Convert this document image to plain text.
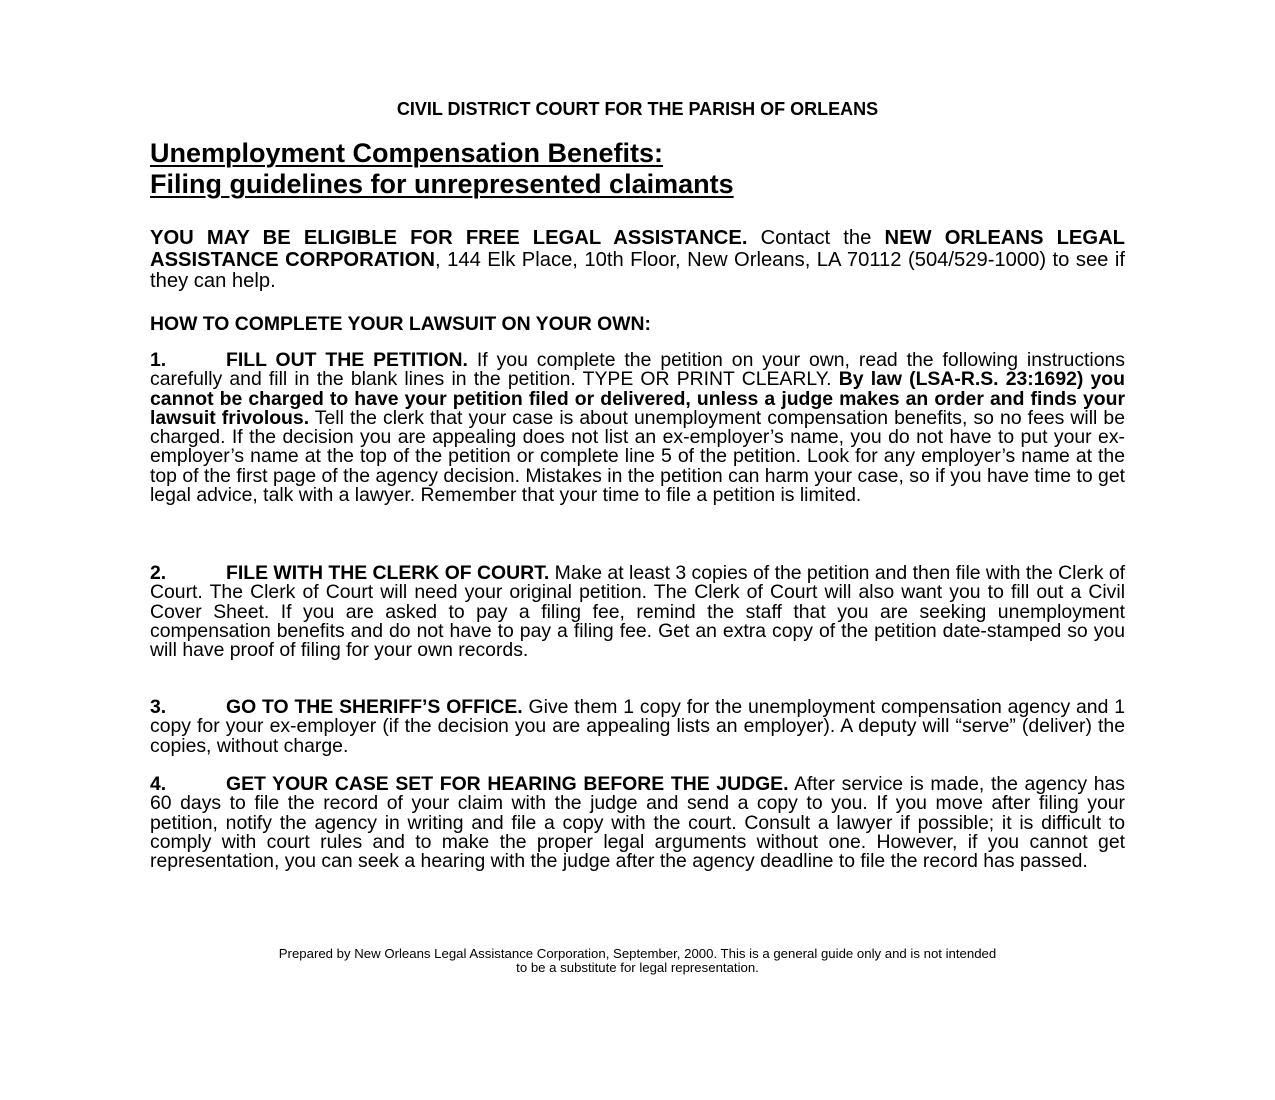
CIVIL DISTRICT COURT FOR THE PARISH OF ORLEANS
Unemployment Compensation Benefits:
Filing guidelines for unrepresented claimants

YOU MAY BE ELIGIBLE FOR FREE LEGAL ASSISTANCE. Contact the NEW ORLEANS LEGAL ASSISTANCE CORPORATION, 144 Elk Place, 10th Floor, New Orleans, LA 70112 (504/529-1000) to see if they can help.

HOW TO COMPLETE YOUR LAWSUIT ON YOUR OWN:

1.	FILL OUT THE PETITION. If you complete the petition on your own, read the following instructions carefully and fill in the blank lines in the petition. TYPE OR PRINT CLEARLY. By law (LSA-R.S. 23:1692) you cannot be charged to have your petition filed or delivered, unless a judge makes an order and finds your lawsuit frivolous. Tell the clerk that your case is about unemployment compensation benefits, so no fees will be charged. If the decision you are appealing does not list an ex-employer’s name, you do not have to put your ex-employer’s name at the top of the petition or complete line 5 of the petition. Look for any employer’s name at the top of the first page of the agency decision. Mistakes in the petition can harm your case, so if you have time to get legal advice, talk with a lawyer. Remember that your time to file a petition is limited.

2.	FILE WITH THE CLERK OF COURT. Make at least 3 copies of the petition and then file with the Clerk of Court. The Clerk of Court will need your original petition. The Clerk of Court will also want you to fill out a Civil Cover Sheet. If you are asked to pay a filing fee, remind the staff that you are seeking unemployment compensation benefits and do not have to pay a filing fee. Get an extra copy of the petition date-stamped so you will have proof of filing for your own records.

3.	GO TO THE SHERIFF’S OFFICE. Give them 1 copy for the unemployment compensation agency and 1 copy for your ex-employer (if the decision you are appealing lists an employer). A deputy will “serve” (deliver) the copies, without charge.

4.	GET YOUR CASE SET FOR HEARING BEFORE THE JUDGE. After service is made, the agency has 60 days to file the record of your claim with the judge and send a copy to you. If you move after filing your petition, notify the agency in writing and file a copy with the court. Consult a lawyer if possible; it is difficult to comply with court rules and to make the proper legal arguments without one. However, if you cannot get representation, you can seek a hearing with the judge after the agency deadline to file the record has passed.

Prepared by New Orleans Legal Assistance Corporation, September, 2000. This is a general guide only and is not intended
to be a substitute for legal representation.
